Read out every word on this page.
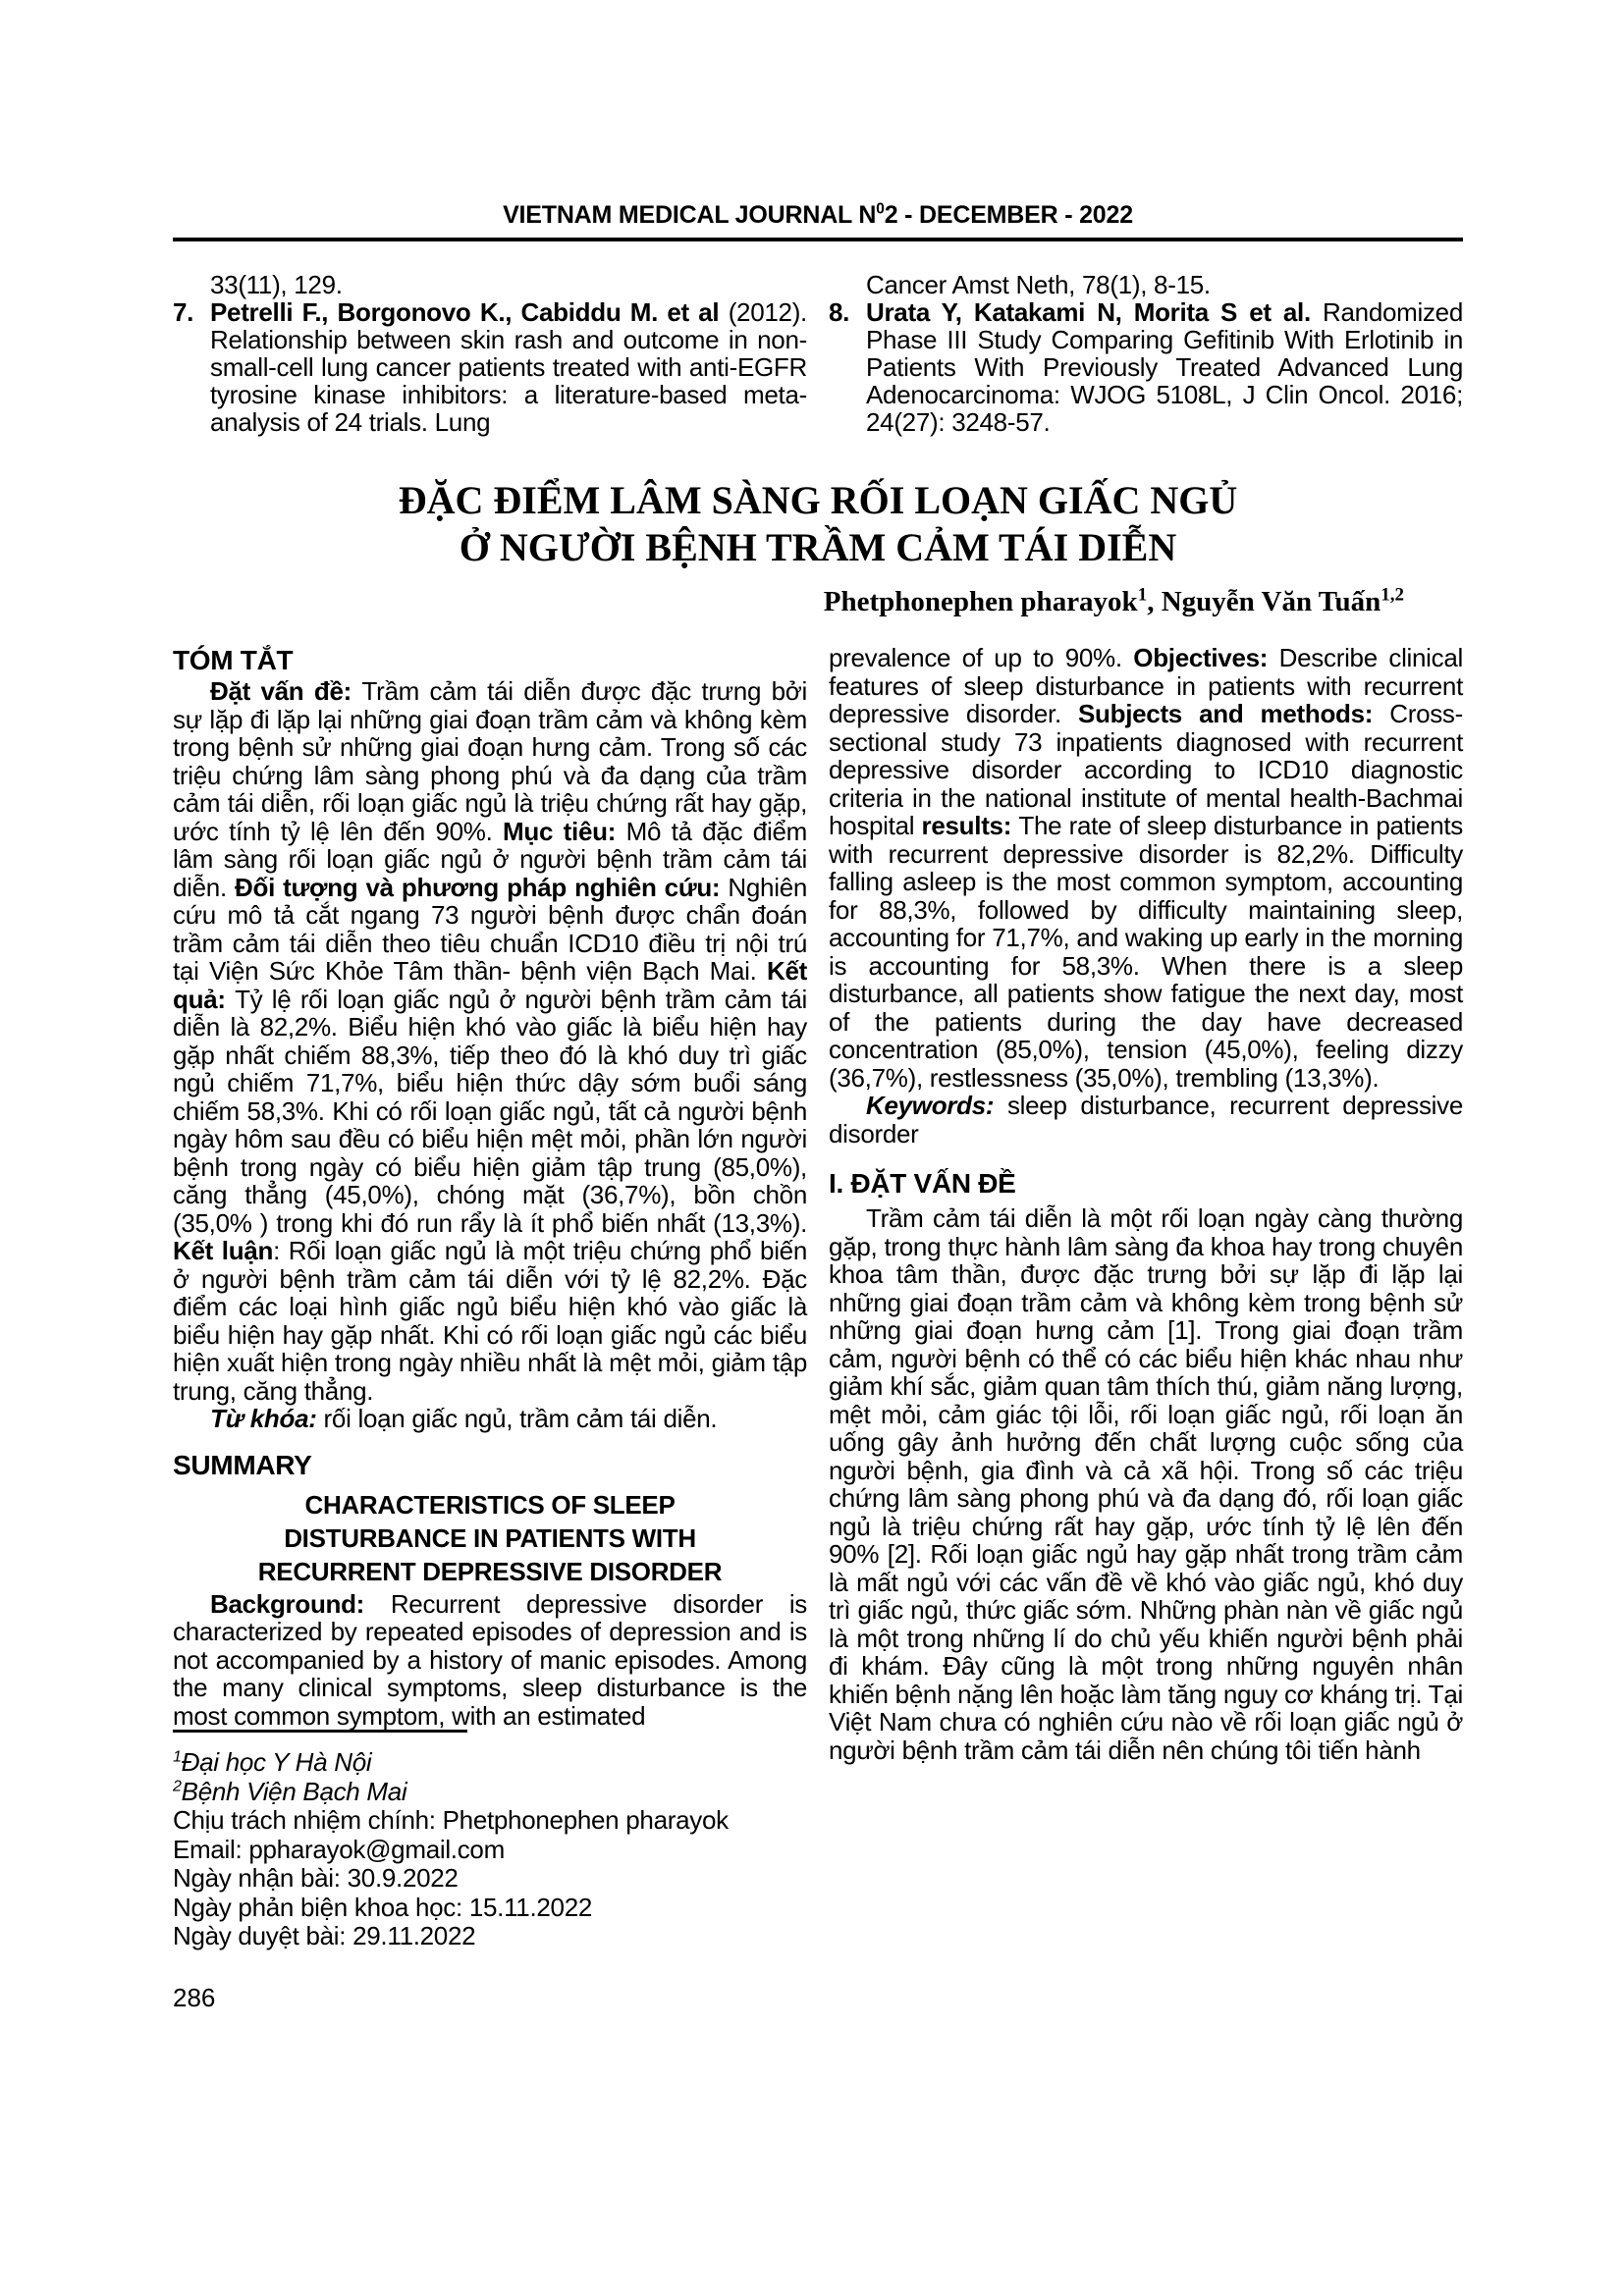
VIETNAM MEDICAL JOURNAL $N^02$ - DECEMBER - 2022

33(11), 129.

7. Petrelli F., Borgonovo K., Cabiddu M. et al (2012). Relationship between skin rash and outcome in non-small-cell lung cancer patients treated with anti-EGFR tyrosine kinase inhibitors: a literature-based meta-analysis of 24 trials. Lung

Cancer Amst Neth, 78(1), 8-15.

8. Urata Y, Katakami N, Morita S et al. Randomized Phase III Study Comparing Gefitinib With Erlotinib in Patients With Previously Treated Advanced Lung Adenocarcinoma: WJOG 5108L, J Clin Oncol. 2016; 24(27): 3248-57.
ĐẶC ĐIỂM LÂM SÀNG RỐI LOẠN GIẤC NGỦ
Ở NGƯỜI BỆNH TRẦM CẢM TÁI DIỄN
Phetphonephen pharayok$^1$, Nguyễn Văn Tuấn$^{1,2}$
TÓM TẮT

Đặt vấn đề: Trầm cảm tái diễn được đặc trưng bởi sự lặp đi lặp lại những giai đoạn trầm cảm và không kèm trong bệnh sử những giai đoạn hưng cảm. Trong số các triệu chứng lâm sàng phong phú và đa dạng của trầm cảm tái diễn, rối loạn giấc ngủ là triệu chứng rất hay gặp, ước tính tỷ lệ lên đến 90%. Mục tiêu: Mô tả đặc điểm lâm sàng rối loạn giấc ngủ ở người bệnh trầm cảm tái diễn. Đối tượng và phương pháp nghiên cứu: Nghiên cứu mô tả cắt ngang 73 người bệnh được chẩn đoán trầm cảm tái diễn theo tiêu chuẩn ICD10 điều trị nội trú tại Viện Sức Khỏe Tâm thần- bệnh viện Bạch Mai. Kết quả: Tỷ lệ rối loạn giấc ngủ ở người bệnh trầm cảm tái diễn là 82,2%. Biểu hiện khó vào giấc là biểu hiện hay gặp nhất chiếm 88,3%, tiếp theo đó là khó duy trì giấc ngủ chiếm 71,7%, biểu hiện thức dậy sớm buổi sáng chiếm 58,3%. Khi có rối loạn giấc ngủ, tất cả người bệnh ngày hôm sau đều có biểu hiện mệt mỏi, phần lớn người bệnh trong ngày có biểu hiện giảm tập trung (85,0%), căng thẳng (45,0%), chóng mặt (36,7%), bồn chồn (35,0% ) trong khi đó run rẩy là ít phổ biến nhất (13,3%). Kết luận: Rối loạn giấc ngủ là một triệu chứng phổ biến ở người bệnh trầm cảm tái diễn với tỷ lệ 82,2%. Đặc điểm các loại hình giấc ngủ biểu hiện khó vào giấc là biểu hiện hay gặp nhất. Khi có rối loạn giấc ngủ các biểu hiện xuất hiện trong ngày nhiều nhất là mệt mỏi, giảm tập trung, căng thẳng.

Từ khóa: rối loạn giấc ngủ, trầm cảm tái diễn.

SUMMARY
CHARACTERISTICS OF SLEEP DISTURBANCE IN PATIENTS WITH RECURRENT DEPRESSIVE DISORDER

Background: Recurrent depressive disorder is characterized by repeated episodes of depression and is not accompanied by a history of manic episodes. Among the many clinical symptoms, sleep disturbance is the most common symptom, with an estimated

$^1$Đại học Y Hà Nội

$^2$Bệnh Viện Bạch Mai

Chịu trách nhiệm chính: Phetphonephen pharayok

Email: ppharayok@gmail.com

Ngày nhận bài: 30.9.2022

Ngày phản biện khoa học: 15.11.2022

Ngày duyệt bài: 29.11.2022

prevalence of up to 90%. Objectives: Describe clinical features of sleep disturbance in patients with recurrent depressive disorder. Subjects and methods: Cross-sectional study 73 inpatients diagnosed with recurrent depressive disorder according to ICD10 diagnostic criteria in the national institute of mental health-Bachmai hospital results: The rate of sleep disturbance in patients with recurrent depressive disorder is 82,2%. Difficulty falling asleep is the most common symptom, accounting for 88,3%, followed by difficulty maintaining sleep, accounting for 71,7%, and waking up early in the morning is accounting for 58,3%. When there is a sleep disturbance, all patients show fatigue the next day, most of the patients during the day have decreased concentration (85,0%), tension (45,0%), feeling dizzy (36,7%), restlessness (35,0%), trembling (13,3%).

Keywords: sleep disturbance, recurrent depressive disorder

I. ĐẶT VẤN ĐỀ

Trầm cảm tái diễn là một rối loạn ngày càng thường gặp, trong thực hành lâm sàng đa khoa hay trong chuyên khoa tâm thần, được đặc trưng bởi sự lặp đi lặp lại những giai đoạn trầm cảm và không kèm trong bệnh sử những giai đoạn hưng cảm [1]. Trong giai đoạn trầm cảm, người bệnh có thể có các biểu hiện khác nhau như giảm khí sắc, giảm quan tâm thích thú, giảm năng lượng, mệt mỏi, cảm giác tội lỗi, rối loạn giấc ngủ, rối loạn ăn uống gây ảnh hưởng đến chất lượng cuộc sống của người bệnh, gia đình và cả xã hội. Trong số các triệu chứng lâm sàng phong phú và đa dạng đó, rối loạn giấc ngủ là triệu chứng rất hay gặp, ước tính tỷ lệ lên đến 90% [2]. Rối loạn giấc ngủ hay gặp nhất trong trầm cảm là mất ngủ với các vấn đề về khó vào giấc ngủ, khó duy trì giấc ngủ, thức giấc sớm. Những phàn nàn về giấc ngủ là một trong những lí do chủ yếu khiến người bệnh phải đi khám. Đây cũng là một trong những nguyên nhân khiến bệnh nặng lên hoặc làm tăng nguy cơ kháng trị. Tại Việt Nam chưa có nghiên cứu nào về rối loạn giấc ngủ ở người bệnh trầm cảm tái diễn nên chúng tôi tiến hành

286
